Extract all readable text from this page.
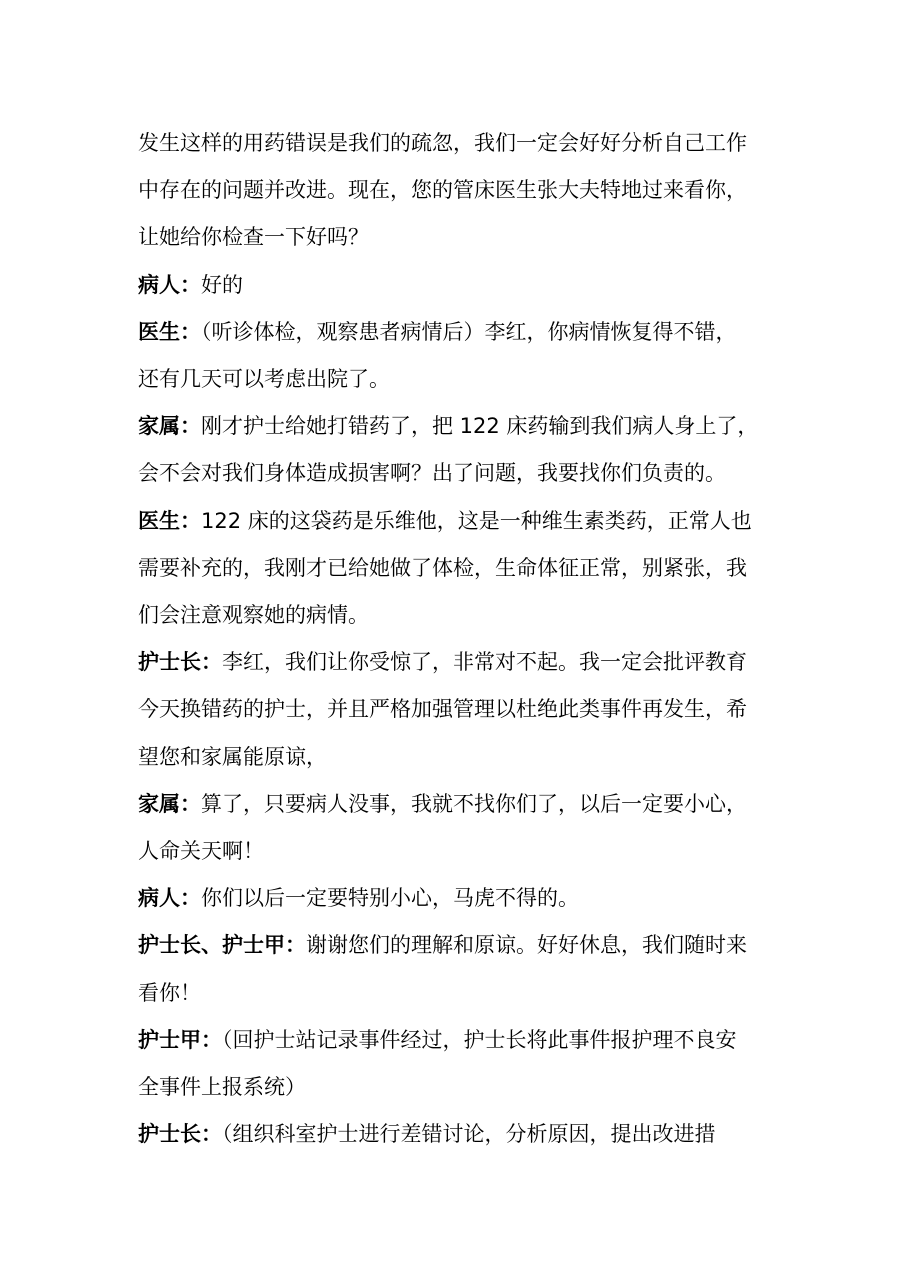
发生这样的用药错误是我们的疏忽，我们一定会好好分析自己工作
中存在的问题并改进。现在，您的管床医生张大夫特地过来看你，
让她给你检查一下好吗？
病人：好的
医生：（听诊体检，观察患者病情后）李红，你病情恢复得不错，
还有几天可以考虑出院了。
家属：刚才护士给她打错药了，把 122 床药输到我们病人身上了，
会不会对我们身体造成损害啊？出了问题，我要找你们负责的。
医生：122 床的这袋药是乐维他，这是一种维生素类药，正常人也
需要补充的，我刚才已给她做了体检，生命体征正常，别紧张，我
们会注意观察她的病情。
护士长：李红，我们让你受惊了，非常对不起。我一定会批评教育
今天换错药的护士，并且严格加强管理以杜绝此类事件再发生，希
望您和家属能原谅，
家属：算了，只要病人没事，我就不找你们了，以后一定要小心，
人命关天啊！
病人：你们以后一定要特别小心，马虎不得的。
护士长、护士甲：谢谢您们的理解和原谅。好好休息，我们随时来
看你！
护士甲：（回护士站记录事件经过，护士长将此事件报护理不良安
全事件上报系统）
护士长：（组织科室护士进行差错讨论，分析原因，提出改进措
